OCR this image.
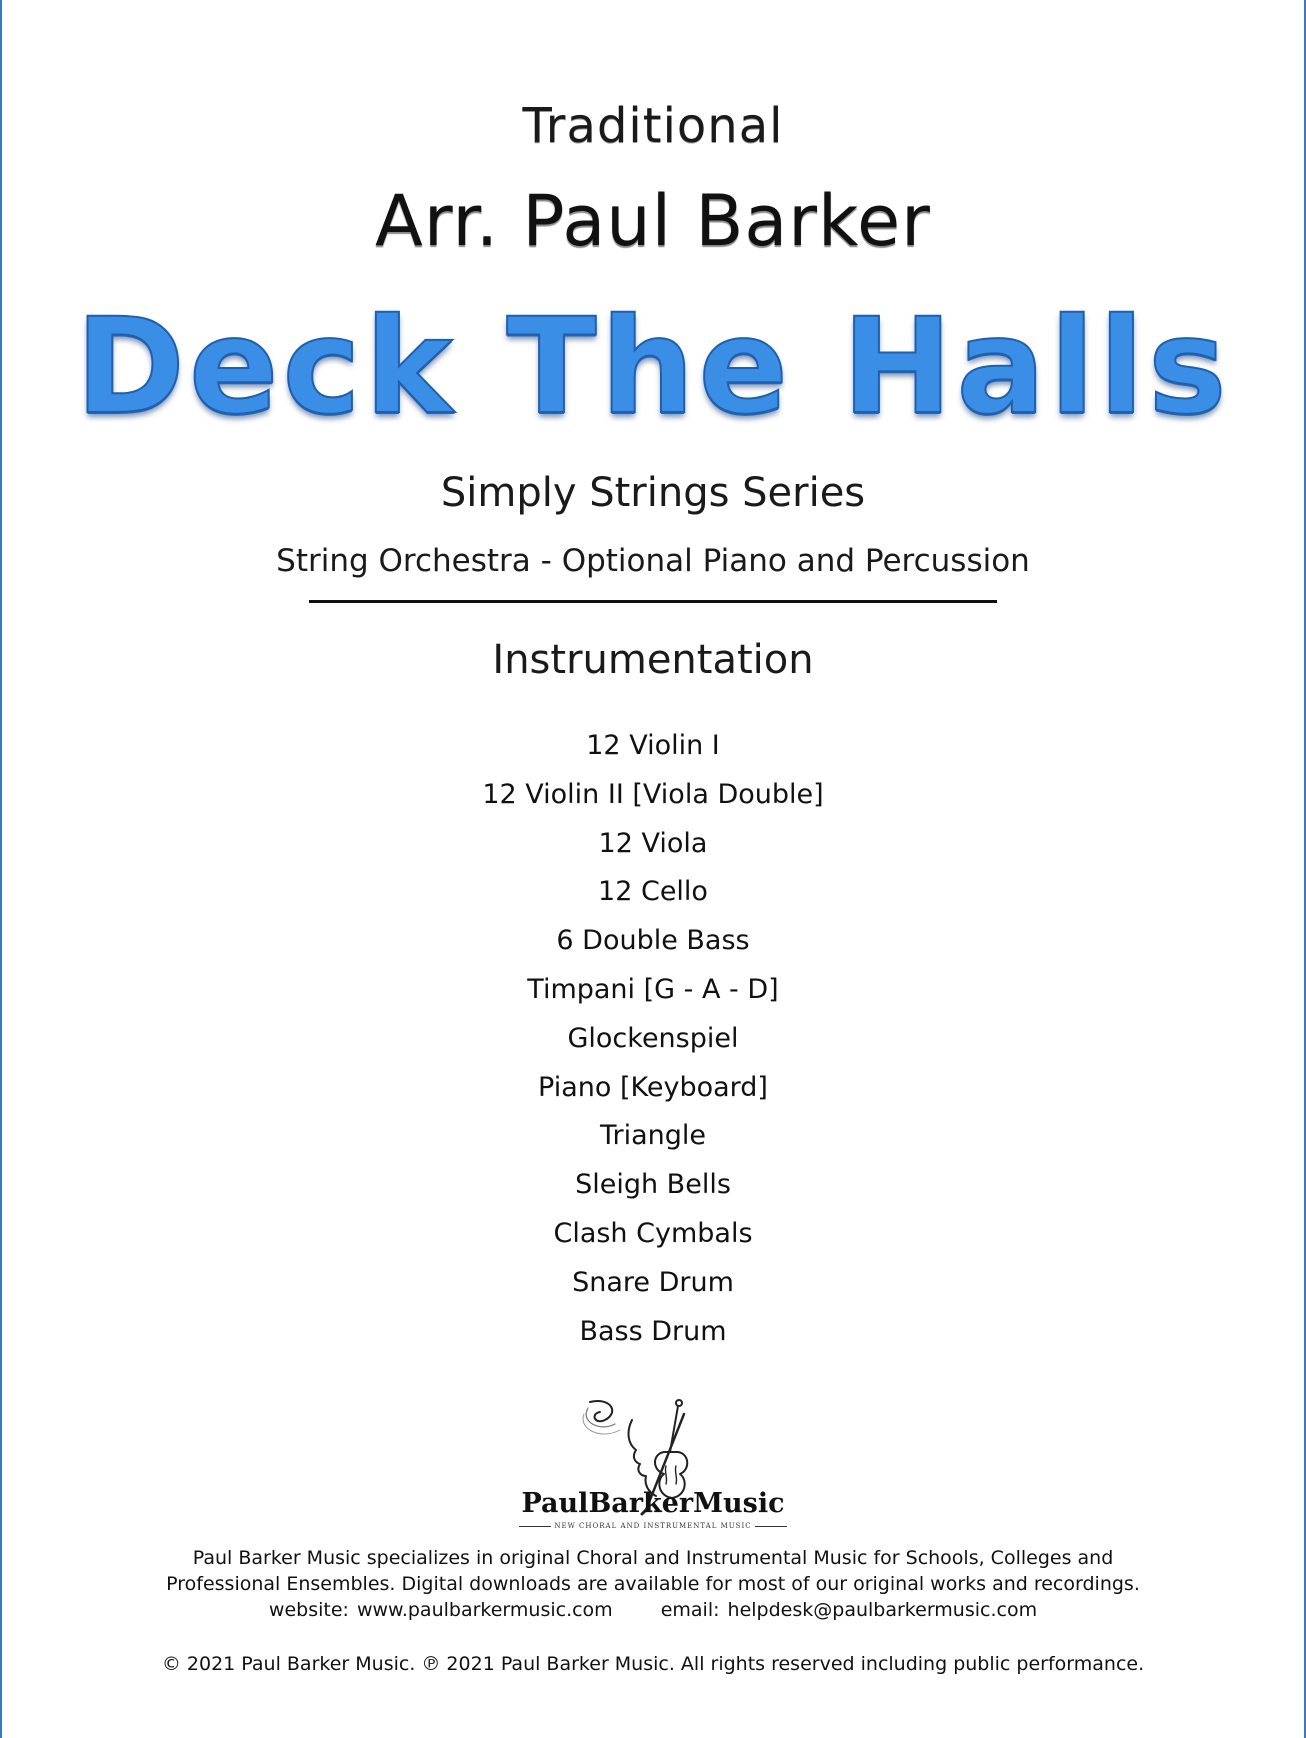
Traditional
Arr. Paul Barker
Deck The Halls
Simply Strings Series
String Orchestra - Optional Piano and Percussion
Instrumentation
12 Violin I
12 Violin II [Viola Double]
12 Viola
12 Cello
6 Double Bass
Timpani [G - A - D]
Glockenspiel
Piano [Keyboard]
Triangle
Sleigh Bells
Clash Cymbals
Snare Drum
Bass Drum
PaulBarkerMusic
NEW CHORAL AND INSTRUMENTAL MUSIC
Paul Barker Music specializes in original Choral and Instrumental Music for Schools, Colleges and
Professional Ensembles. Digital downloads are available for most of our original works and recordings.
website: www.paulbarkermusic.com	email: helpdesk@paulbarkermusic.com
© 2021 Paul Barker Music. ℗ 2021 Paul Barker Music. All rights reserved including public performance.
